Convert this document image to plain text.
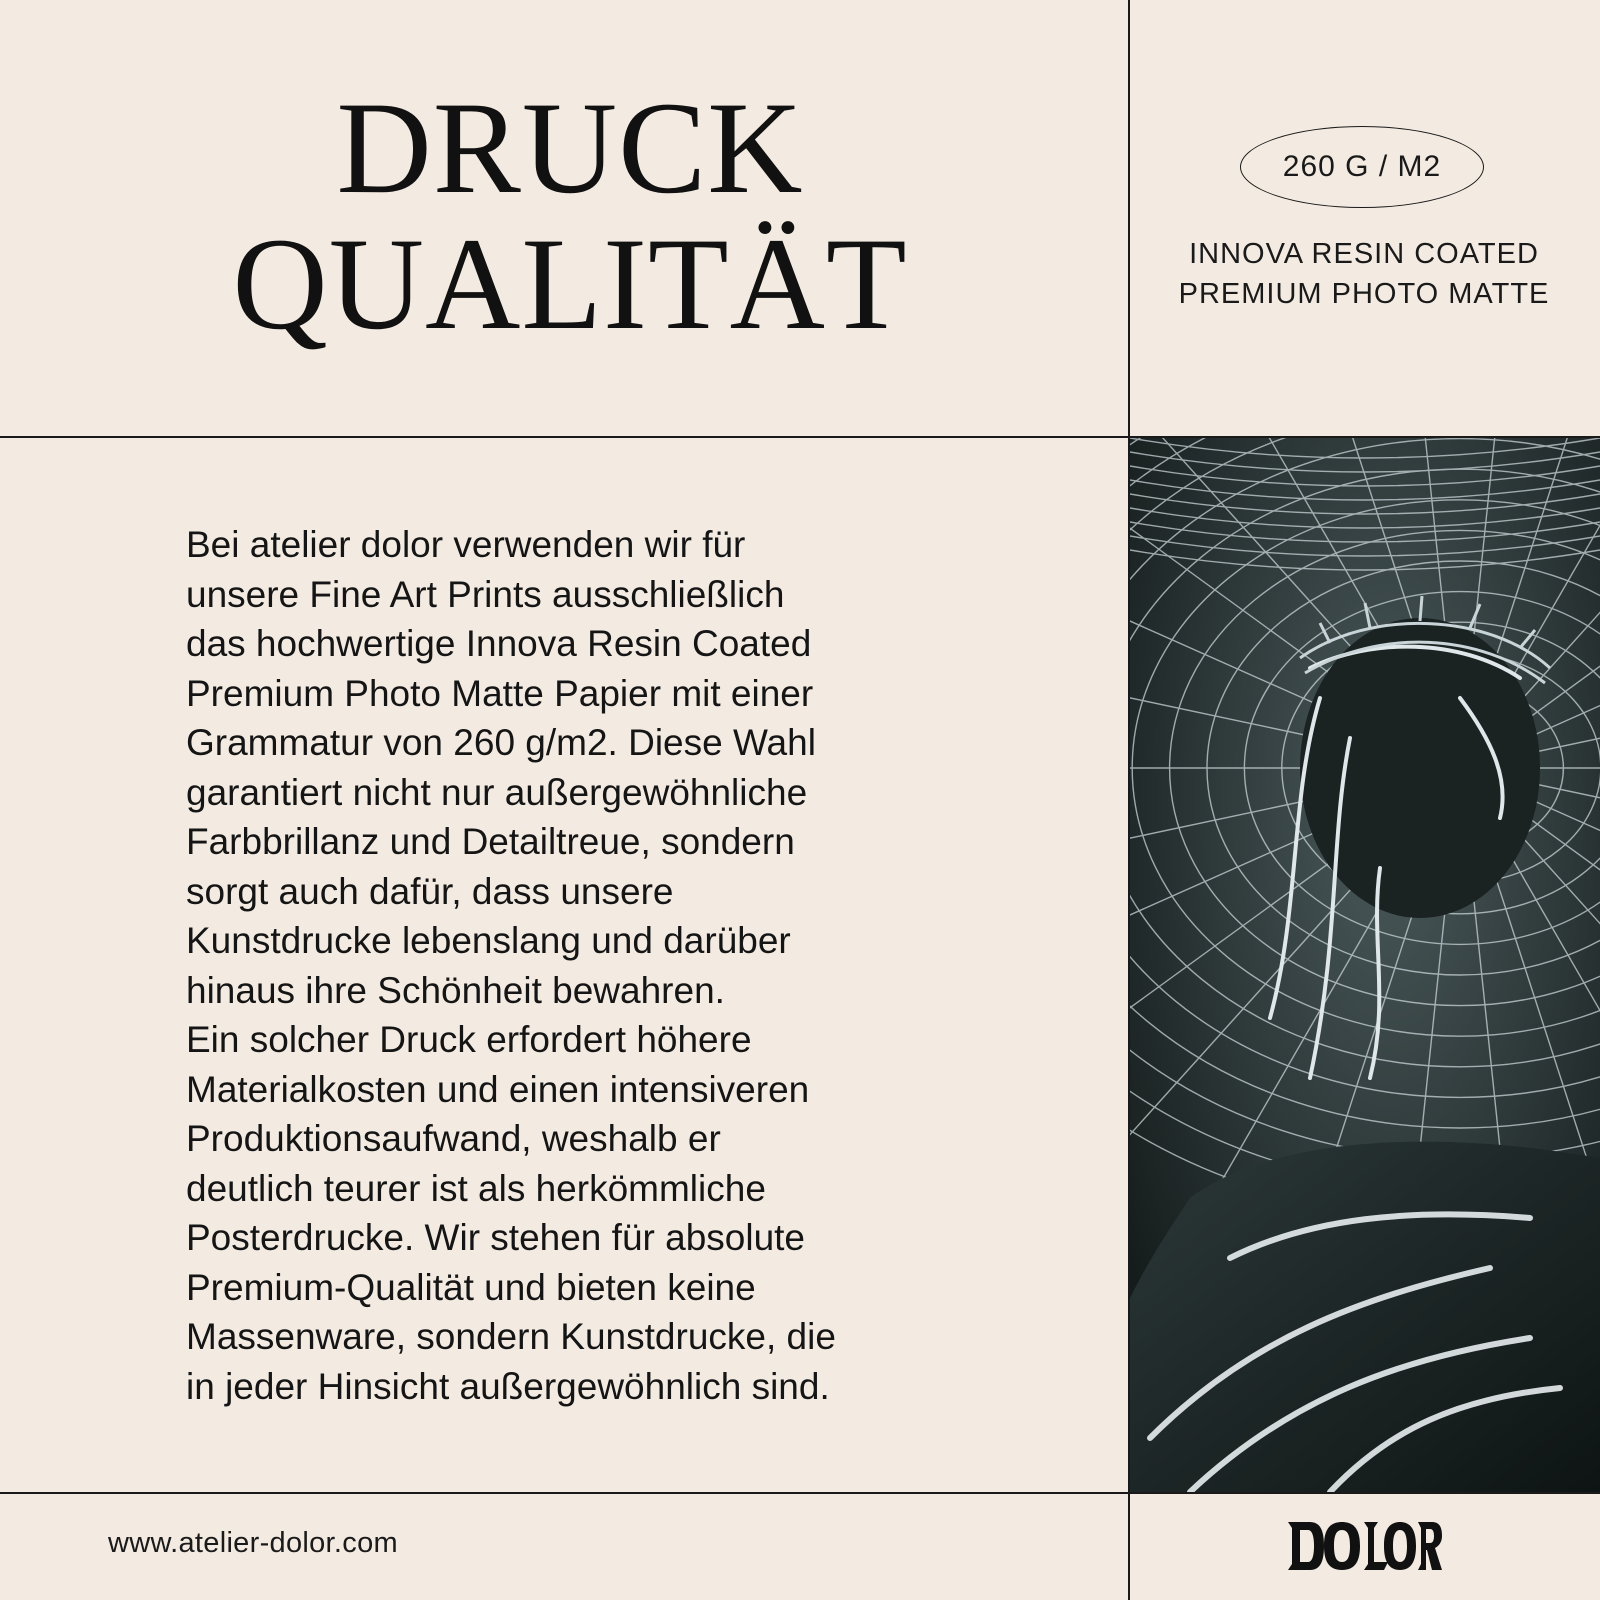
DRUCK
QUALITÄT
260 G / M2
INNOVA RESIN COATED
PREMIUM PHOTO MATTE
Bei atelier dolor verwenden wir für
unsere Fine Art Prints ausschließlich
das hochwertige Innova Resin Coated
Premium Photo Matte Papier mit einer
Grammatur von 260 g/m2. Diese Wahl
garantiert nicht nur außergewöhnliche
Farbbrillanz und Detailtreue, sondern
sorgt auch dafür, dass unsere
Kunstdrucke lebenslang und darüber
hinaus ihre Schönheit bewahren.
Ein solcher Druck erfordert höhere
Materialkosten und einen intensiveren
Produktionsaufwand, weshalb er
deutlich teurer ist als herkömmliche
Posterdrucke. Wir stehen für absolute
Premium-Qualität und bieten keine
Massenware, sondern Kunstdrucke, die
in jeder Hinsicht außergewöhnlich sind.
www.atelier-dolor.com
